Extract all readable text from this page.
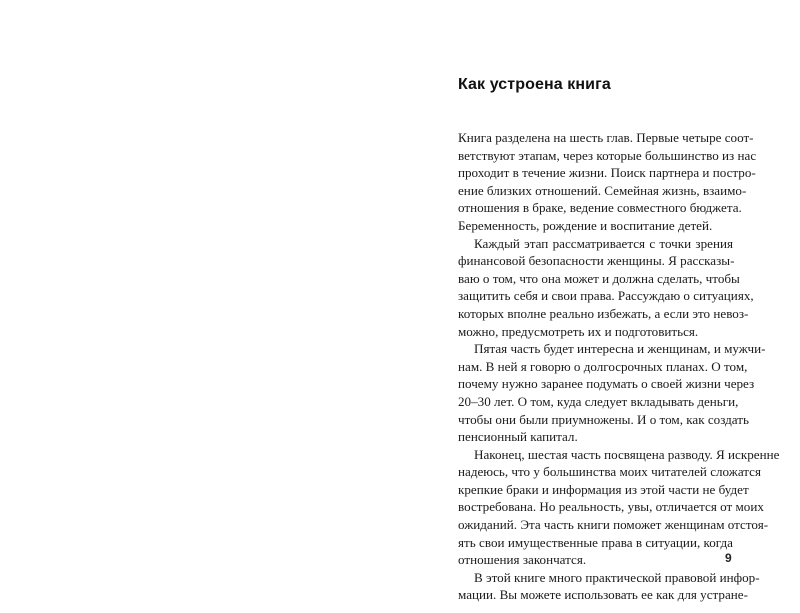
Как устроена книга

Книга разделена на шесть глав. Первые четыре соот-
ветствуют этапам, через которые большинство из нас
проходит в течение жизни. Поиск партнера и постро-
ение близких отношений. Семейная жизнь, взаимо-
отношения в браке, ведение совместного бюджета.
Беременность, рождение и воспитание детей.

Каждый этап рассматривается с точки зрения
финансовой безопасности женщины. Я рассказы-
ваю о том, что она может и должна сделать, чтобы
защитить себя и свои права. Рассуждаю о ситуациях,
которых вполне реально избежать, а если это невоз-
можно, предусмотреть их и подготовиться.

Пятая часть будет интересна и женщинам, и мужчи-
нам. В ней я говорю о долгосрочных планах. О том,
почему нужно заранее подумать о своей жизни через
20–30 лет. О том, куда следует вкладывать деньги,
чтобы они были приумножены. И о том, как создать
пенсионный капитал.

Наконец, шестая часть посвящена разводу. Я искренне
надеюсь, что у большинства моих читателей сложатся
крепкие браки и информация из этой части не будет
востребована. Но реальность, увы, отличается от моих
ожиданий. Эта часть книги поможет женщинам отстоя-
ять свои имущественные права в ситуации, когда
отношения закончатся.

В этой книге много практической правовой инфор-
мации. Вы можете использовать ее как для устране-

9
